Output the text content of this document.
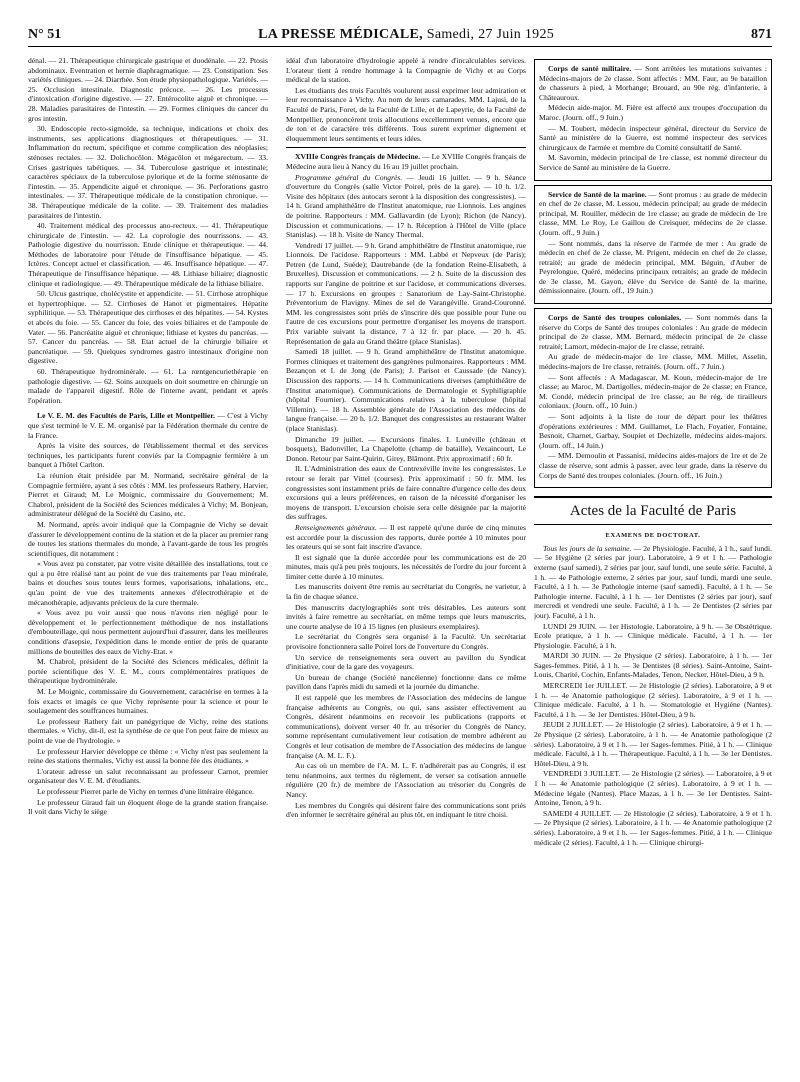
N° 51	LA PRESSE MÉDICALE, Samedi, 27 Juin 1925	871

dénal. — 21. Thérapeutique chirurgicale gastrique et duodénale. — 22. Ptosis abdominaux. Eventration et hernie diaphragmatique. — 23. Constipation. Ses variétés cliniques. — 24. Diarrhée. Son étude physiopathologique. Variétés. — 25. Occlusion intestinale. Diagnostic précoce. — 26. Les processus d'intoxication d'origine digestive. — 27. Entérocolite aiguë et chronique. — 28. Maladies parasitaires de l'intestin. — 29. Formes cliniques du cancer du gros intestin.

30. Endoscopie recto-sigmoïde, sa technique, indications et choix des instruments, ses applications diagnostiques et thérapeutiques. — 31. Inflammation du rectum, spécifique et comme complication des néoplasies; sténoses rectales. — 32. Dolichocôlon. Mégacôlon et mégarectum. — 33. Crises gastriques tabétiques. — 34. Tuberculose gastrique et intestinale; caractères spéciaux de la tuberculose pylorique et de la forme sténosante de l'intestin. — 35. Appendicite aiguë et chronique. — 36. Perforations gastro intestinales. — 37. Thérapeutique médicale de la constipation chronique. — 38. Thérapeutique médicale de la colite. — 39. Traitement des maladies parasitaires de l'intestin.

40. Traitement médical des processus ano-recteux. — 41. Thérapeutique chirurgicale de l'intestin. — 42. La coprologie des nourrissons. — 43. Pathologie digestive du nourrisson. Etude clinique et thérapeutique. — 44. Méthodes de laboratoire pour l'étude de l'insuffisance hépatique. — 45. Ictères. Concept actuel et classification. — 46. Insuffisance hépatique. — 47. Thérapeutique de l'insuffisance hépatique. — 48. Lithiase biliaire; diagnostic clinique et radiologique. — 49. Thérapeutique médicale de la lithiase biliaire.

50. Ulcus gastrique, cholécystite et appendicite. — 51. Cirrhose atrophique et hypertrophique. — 52. Cirrhoses de Hanot et pigmentaires. Hépatite syphilitique. — 53. Thérapeutique des cirrhoses et des hépatites. — 54. Kystes et abcès du foie. — 55. Cancer du foie, des voies biliaires et de l'ampoule de Vater. — 56. Pancréatite aiguë et chronique; lithiase et kystes du pancréas. — 57. Cancer du pancréas. — 58. Etat actuel de la chirurgie biliaire et pancréatique. — 59. Quelques syndromes gastro intestinaux d'origine non digestive.

60. Thérapeutique hydrominérale. — 61. La rœntgencuriethérapie en pathologie digestive. — 62. Soins auxquels on doit soumettre en chirurgie un malade de l'appareil digestif. Rôle de l'interne avant, pendant et après l'opération.

Le V. E. M. des Facultés de Paris, Lille et Montpellier. — C'est à Vichy que s'est terminé le V. E. M. organisé par la Fédération thermale du centre de la France.

Après la visite des sources, de l'établissement thermal et des services techniques, les participants furent conviés par la Compagnie fermière à un banquet à l'hôtel Carlton.

La réunion était présidée par M. Normand, secrétaire général de la Compagnie fermière, ayant à ses côtés : MM. les professeurs Rathery, Harvier, Pierret et Giraud; M. Le Moignic, commissaire du Gouvernement; M. Chabrol, président de la Société des Sciences médicales à Vichy; M. Bonjean, administrateur délégué de la Société du Casino, etc.

M. Normand, après avoir indiqué que la Compagnie de Vichy se devait d'assurer le développement continu de la station et de la placer au premier rang de toutes les stations thermales du monde, à l'avant-garde de tous les progrès scientifiques, dit notamment :

« Vous avez pu constater, par votre visite détaillée des installations, tout ce qui a pu être réalisé tant au point de vue des traitements par l'eau minérale, bains et douches sous toutes leurs formes, vaporisations, inhalations, etc., qu'au point de vue des traitements annexes d'électrothérapie et de mécanothérapie, adjuvants précieux de la cure thermale.

« Vous avez pu voir aussi que nous n'avons rien négligé pour le développement et le perfectionnement méthodique de nos installations d'embouteillage, qui nous permettent aujourd'hui d'assurer, dans les meilleures conditions d'asepsie, l'expédition dans le monde entier de près de quarante millions de bouteilles des eaux de Vichy-Etat. »

M. Chabrol, président de la Société des Sciences médicales, définit la portée scientifique des V. E. M., cours complémentaires pratiques de thérapeutique hydrominérale.

M. Le Moignic, commissaire du Gouvernement, caractérise en termes à la fois exacts et imagés ce que Vichy représente pour la science et pour le soulagement des souffrances humaines.

Le professeur Rathery fait un panégyrique de Vichy, reine des stations thermales. « Vichy, dit-il, est la synthèse de ce que l'on peut faire de mieux au point de vue de l'hydrologie. »

Le professeur Harvier développe ce thème : « Vichy n'est pas seulement la reine des stations thermales, Vichy est aussi la bonne fée des étudiants. »

L'orateur adresse un salut reconnaissant au professeur Carnot, premier organisateur des V. E. M. d'étudiants.

Le professeur Pierret parle de Vichy en termes d'une littéraire élégance.

Le professeur Giraud fait un éloquent éloge de la grande station française. Il voit dans Vichy le siège

idéal d'un laboratoire d'hydrologie appelé à rendre d'incalculables services. L'orateur tient à rendre hommage à la Compagnie de Vichy et au Corps médical de la station.

Les étudiants des trois Facultés voulurent aussi exprimer leur admiration et leur reconnaissance à Vichy. Au nom de leurs camarades, MM. Lajusi, de la Faculté de Paris, Foret, de la Faculté de Lille, et de Lapeyrie, de la Faculté de Montpellier, prononcèrent trois allocutions excellemment venues, encore que de ton et de caractère très différents. Tous surent exprimer dignement et éloquemment leurs sentiments et leurs idées.

XVIIIe Congrès français de Médecine. — Le XVIIIe Congrès français de Médecine aura lieu à Nancy du 16 au 19 juillet prochain.

Programme général du Congrès. — Jeudi 16 juillet. — 9 h. Séance d'ouverture du Congrès (salle Victor Poirel, près de la gare). — 10 h. 1/2. Visite des hôpitaux (des autocars seront à la disposition des congressistes). — 14 h. Grand amphithéâtre de l'Institut anatomique, rue Lionnois. Les angines de poitrine. Rapporteurs : MM. Gallavardin (de Lyon); Richon (de Nancy). Discussion et communications. — 17 h. Réception à l'Hôtel de Ville (place Stanislas). — 18 h. Visite de Nancy Thermal.

Vendredi 17 juillet. — 9 h. Grand amphithéâtre de l'Institut anatomique, rue Lionnois. De l'acidose. Rapporteurs : MM. Labbé et Nepveux (de Paris); Petren (de Lund, Suède); Dautrebande (de la fondation Reine-Elisabeth, à Bruxelles). Discussion et communications. — 2 h. Suite de la discussion des rapports sur l'angine de poitrine et sur l'acidose, et communications diverses. — 17 h. Excursions en groupes : Sanatorium de Lay-Saint-Christophe. Préventorium de Flavigny. Mines de sel de Varangéville. Grand-Couronné. MM. les congressistes sont priés de s'inscrire dès que possible pour l'une ou l'autre de ces excursions pour permettre d'organiser les moyens de transport. Prix variable suivant la distance, 7 à 12 fr. par place. — 20 h. 45. Représentation de gala au Grand théâtre (place Stanislas).

Samedi 18 juillet. — 9 h. Grand amphithéâtre de l'Institut anatomique. Formes cliniques et traitement des gangrènes pulmonaires. Rapporteurs : MM. Bezançon et I. de Jong (de Paris); J. Parisot et Caussade (de Nancy). Discussion des rapports. — 14 h. Communications diverses (amphithéâtre de l'Institut anatomique). Communications de Dermatologie et Syphiligraphie (hôpital Fournier). Communications relatives à la tuberculose (hôpital Villemin). — 18 h. Assemblée générale de l'Association des médecins de langue française. — 20 h. 1/2. Banquet des congressistes au restaurant Walter (place Stanislas).

Dimanche 19 juillet. — Excursions finales. I. Lunéville (château et bosquets), Badonviller, La Chapelotte (champ de bataille), Vexaincourt, Le Donon. Retour par Saint-Quirin, Girey, Blâmont. Prix approximatif : 60 fr.

II. L'Administration des eaux de Contrexéville invite les congressistes. Le retour se ferait par Vittel (courses). Prix approximatif : 50 fr. MM. les congressistes sont instamment priés de faire connaître d'urgence celle des deux excursions qui a leurs préférences, en raison de la nécessité d'organiser les moyens de transport. L'excursion choisie sera celle désignée par la majorité des suffrages.

Renseignements généraux. — Il est rappelé qu'une durée de cinq minutes est accordée pour la discussion des rapports, durée portée à 10 minutes pour les orateurs qui se sont fait inscrire d'avance.

Il est signalé que la durée accordée pour les communications est de 20 minutes, mais qu'à peu près toujours, les nécessités de l'ordre du jour forcent à limiter cette durée à 10 minutes.

Les manuscrits doivent être remis au secrétariat du Congrès, ne varietur, à la fin de chaque séance.

Des manuscrits dactylographiés sont très désirables. Les auteurs sont invités à faire remettre au secrétariat, en même temps que leurs manuscrits, une courte analyse de 10 à 15 lignes (en plusieurs exemplaires).

Le secrétariat du Congrès sera organisé à la Faculté. Un secrétariat provisoire fonctionnera salle Poirel lors de l'ouverture du Congrès.

Un service de renseignements sera ouvert au pavillon du Syndicat d'initiative, cour de la gare des voyageurs.

Un bureau de change (Société nancéienne) fonctionne dans ce même pavillon dans l'après midi du samedi et la journée du dimanche.

Il est rappelé que les membres de l'Association des médecins de langue française adhérents au Congrès, ou qui, sans assister effectivement au Congrès, désirent néanmoins en recevoir les publications (rapports et communications), doivent verser 40 fr. au trésorier du Congrès de Nancy, somme représentant cumulativement leur cotisation de membre adhérent au Congrès et leur cotisation de membre de l'Association des médecins de langue française (A. M. L. F.).

Au cas où un membre de l'A. M. L. F. n'adhérerait pas au Congrès, il est tenu néanmoins, aux termes du règlement, de verser sa cotisation annuelle régulière (20 fr.) de membre de l'Association au trésorier du Congrès de Nancy.

Les membres du Congrès qui désirent faire des communications sont priés d'en informer le secrétaire général au plus tôt, en indiquant le titre choisi.

Corps de santé militaire. — Sont arrêtées les mutations suivantes : Médecins-majors de 2e classe. Sont affectés : MM. Faur, au 9e bataillon de chasseurs à pied, à Morhange; Brouard, au 90e rég. d'infanterie, à Châteauroux.

Médecin aide-major. M. Fière est affecté aux troupes d'occupation du Maroc. (Journ. off., 9 Juin.)

— M. Toubert, médecin inspecteur général, directeur du Service de Santé au ministère de la Guerre, est nommé inspecteur des services chirurgicaux de l'armée et membre du Comité consultatif de Santé.

M. Savornin, médecin principal de 1re classe, est nommé directeur du Service de Santé au ministère de la Guerre.

Service de Santé de la marine. — Sont promus : au grade de médecin en chef de 2e classe, M. Lessou, médecin principal; au grade de médecin principal, M. Rouiller, médecin de 1re classe; au grade de médecin de 1re classe, MM. Le Roy, Le Gaillou de Creisquer, médecins de 2e classe. (Journ. off., 9 Juin.)

— Sont nommés, dans la réserve de l'armée de mer : Au grade de médecin en chef de 2e classe, M. Prigent, médecin en chef de 2e classe, retraité; au grade de médecin principal, MM. Béguin, d'Auber de Peyrelongue, Quéré, médecins principaux retraités; au grade de médecin de 3e classe, M. Gayon, élève du Service de Santé de la marine, démissionnaire. (Journ. off., 19 Juin.)

Corps de Santé des troupes coloniales. — Sont nommés dans la réserve du Corps de Santé des troupes coloniales : Au grade de médecin principal de 2e classe, MM. Bernard, médecin principal de 2e classe retraité; Lamort, médecin-major de 1re classe, retraité.

Au grade de médecin-major de 1re classe, MM. Millet, Asselin, médecins-majors de 1re classe, retraités. (Journ. off., 7 Juin.)

— Sont affectés : A Madagascar, M. Koun, médecin-major de 1re classe; au Maroc, M. Dartigolles, médecin-major de 2e classe; en France, M. Condé, médecin principal de 1re classe, au 8e rég. de tirailleurs coloniaux. (Journ. off., 10 Juin.)

— Sont adjoints à la liste de tour de départ pour les théâtres d'opérations extérieures : MM. Guillamet, Le Flach, Foyatier, Fontaine, Besnoit, Charnet, Garbay, Soupiet et Dechizelle, médecins aides-majors. (Journ. off., 14 Juin.)

— MM. Demoulin et Passanisi, médecins aides-majors de 1re et de 2e classe de réserve, sont admis à passer, avec leur grade, dans la réserve du Corps de Santé des troupes coloniales. (Journ. off., 16 Juin.)

Actes de la Faculté de Paris
EXAMENS DE DOCTORAT.

Tous les jours de la semaine. — 2e Physiologie. Faculté, à 1 h., sauf lundi. — 5e Hygiène (2 séries par jour). Laboratoire, à 9 et 1 h. — Pathologie externe (sauf samedi), 2 séries par jour, sauf lundi, une seule série. Faculté, à 1 h. — 4e Pathologie externe, 2 séries par jour, sauf lundi, mardi une seule. Faculté, à 1 h. — 3e Pathologie interne (sauf samedi). Faculté, à 1 h. — 5e Pathologie interne. Faculté, à 1 h. — 1er Dentistes (2 séries par jour), sauf mercredi et vendredi une seule. Faculté, à 1 h. — 2e Dentistes (2 séries par jour). Faculté, à 1 h.

LUNDI 29 JUIN. — 1er Histologie. Laboratoire, à 9 h. — 3e Obstétrique. Ecole pratique, à 1 h. — Clinique médicale. Faculté, à 1 h. — 1er Physiologie. Faculté, à 1 h.

MARDI 30 JUIN. — 2e Physique (2 séries). Laboratoire, à 1 h. — 1er Sages-femmes. Pitié, à 1 h. — 3e Dentistes (8 séries). Saint-Antoine, Saint-Louis, Charité, Cochin, Enfants-Malades, Tenon, Necker, Hôtel-Dieu, à 9 h.

MERCREDI 1er JUILLET. — 2e Histologie (2 séries). Laboratoire, à 9 et 1 h. — 4e Anatomie pathologique (2 séries). Laboratoire, à 9 et 1 h. — Clinique médicale. Faculté, à 1 h. — Stomatologie et Hygiène (Nantes). Faculté, à 1 h. — 3e 1er Dentistes. Hôtel-Dieu, à 9 h.

JEUDI 2 JUILLET. — 2e Histologie (2 séries). Laboratoire, à 9 et 1 h. — 2e Physique (2 séries). Laboratoire, à 1 h. — 4e Anatomie pathologique (2 séries). Laboratoire, à 9 et 1 h. — 1er Sages-femmes. Pitié, à 1 h. — Clinique médicale. Faculté, à 1 h. — Thérapeutique. Faculté, à 1 h. — 3e 1er Dentistes. Hôtel-Dieu, à 9 h.

VENDREDI 3 JUILLET. — 2e Histologie (2 séries). — Laboratoire, à 9 et 1 h — 4e Anatomie pathologique (2 séries). Laboratoire, à 9 et 1 h. — Médecine légale (Nantes). Place Mazas, à 1 h. — 3e 1er Dentistes. Saint-Antoine, Tenon, à 9 h.

SAMEDI 4 JUILLET. — 2e Histologie (2 séries). Laboratoire, à 9 et 1 h. — 2e Physique (2 séries). Laboratoire, à 1 h. — 4e Anatomie pathologique (2 séries). Laboratoire, à 9 et 1 h. — 1er Sages-femmes. Pitié, à 1 h. — Clinique médicale (2 séries). Faculté, à 1 h. — Clinique chirurgi-
